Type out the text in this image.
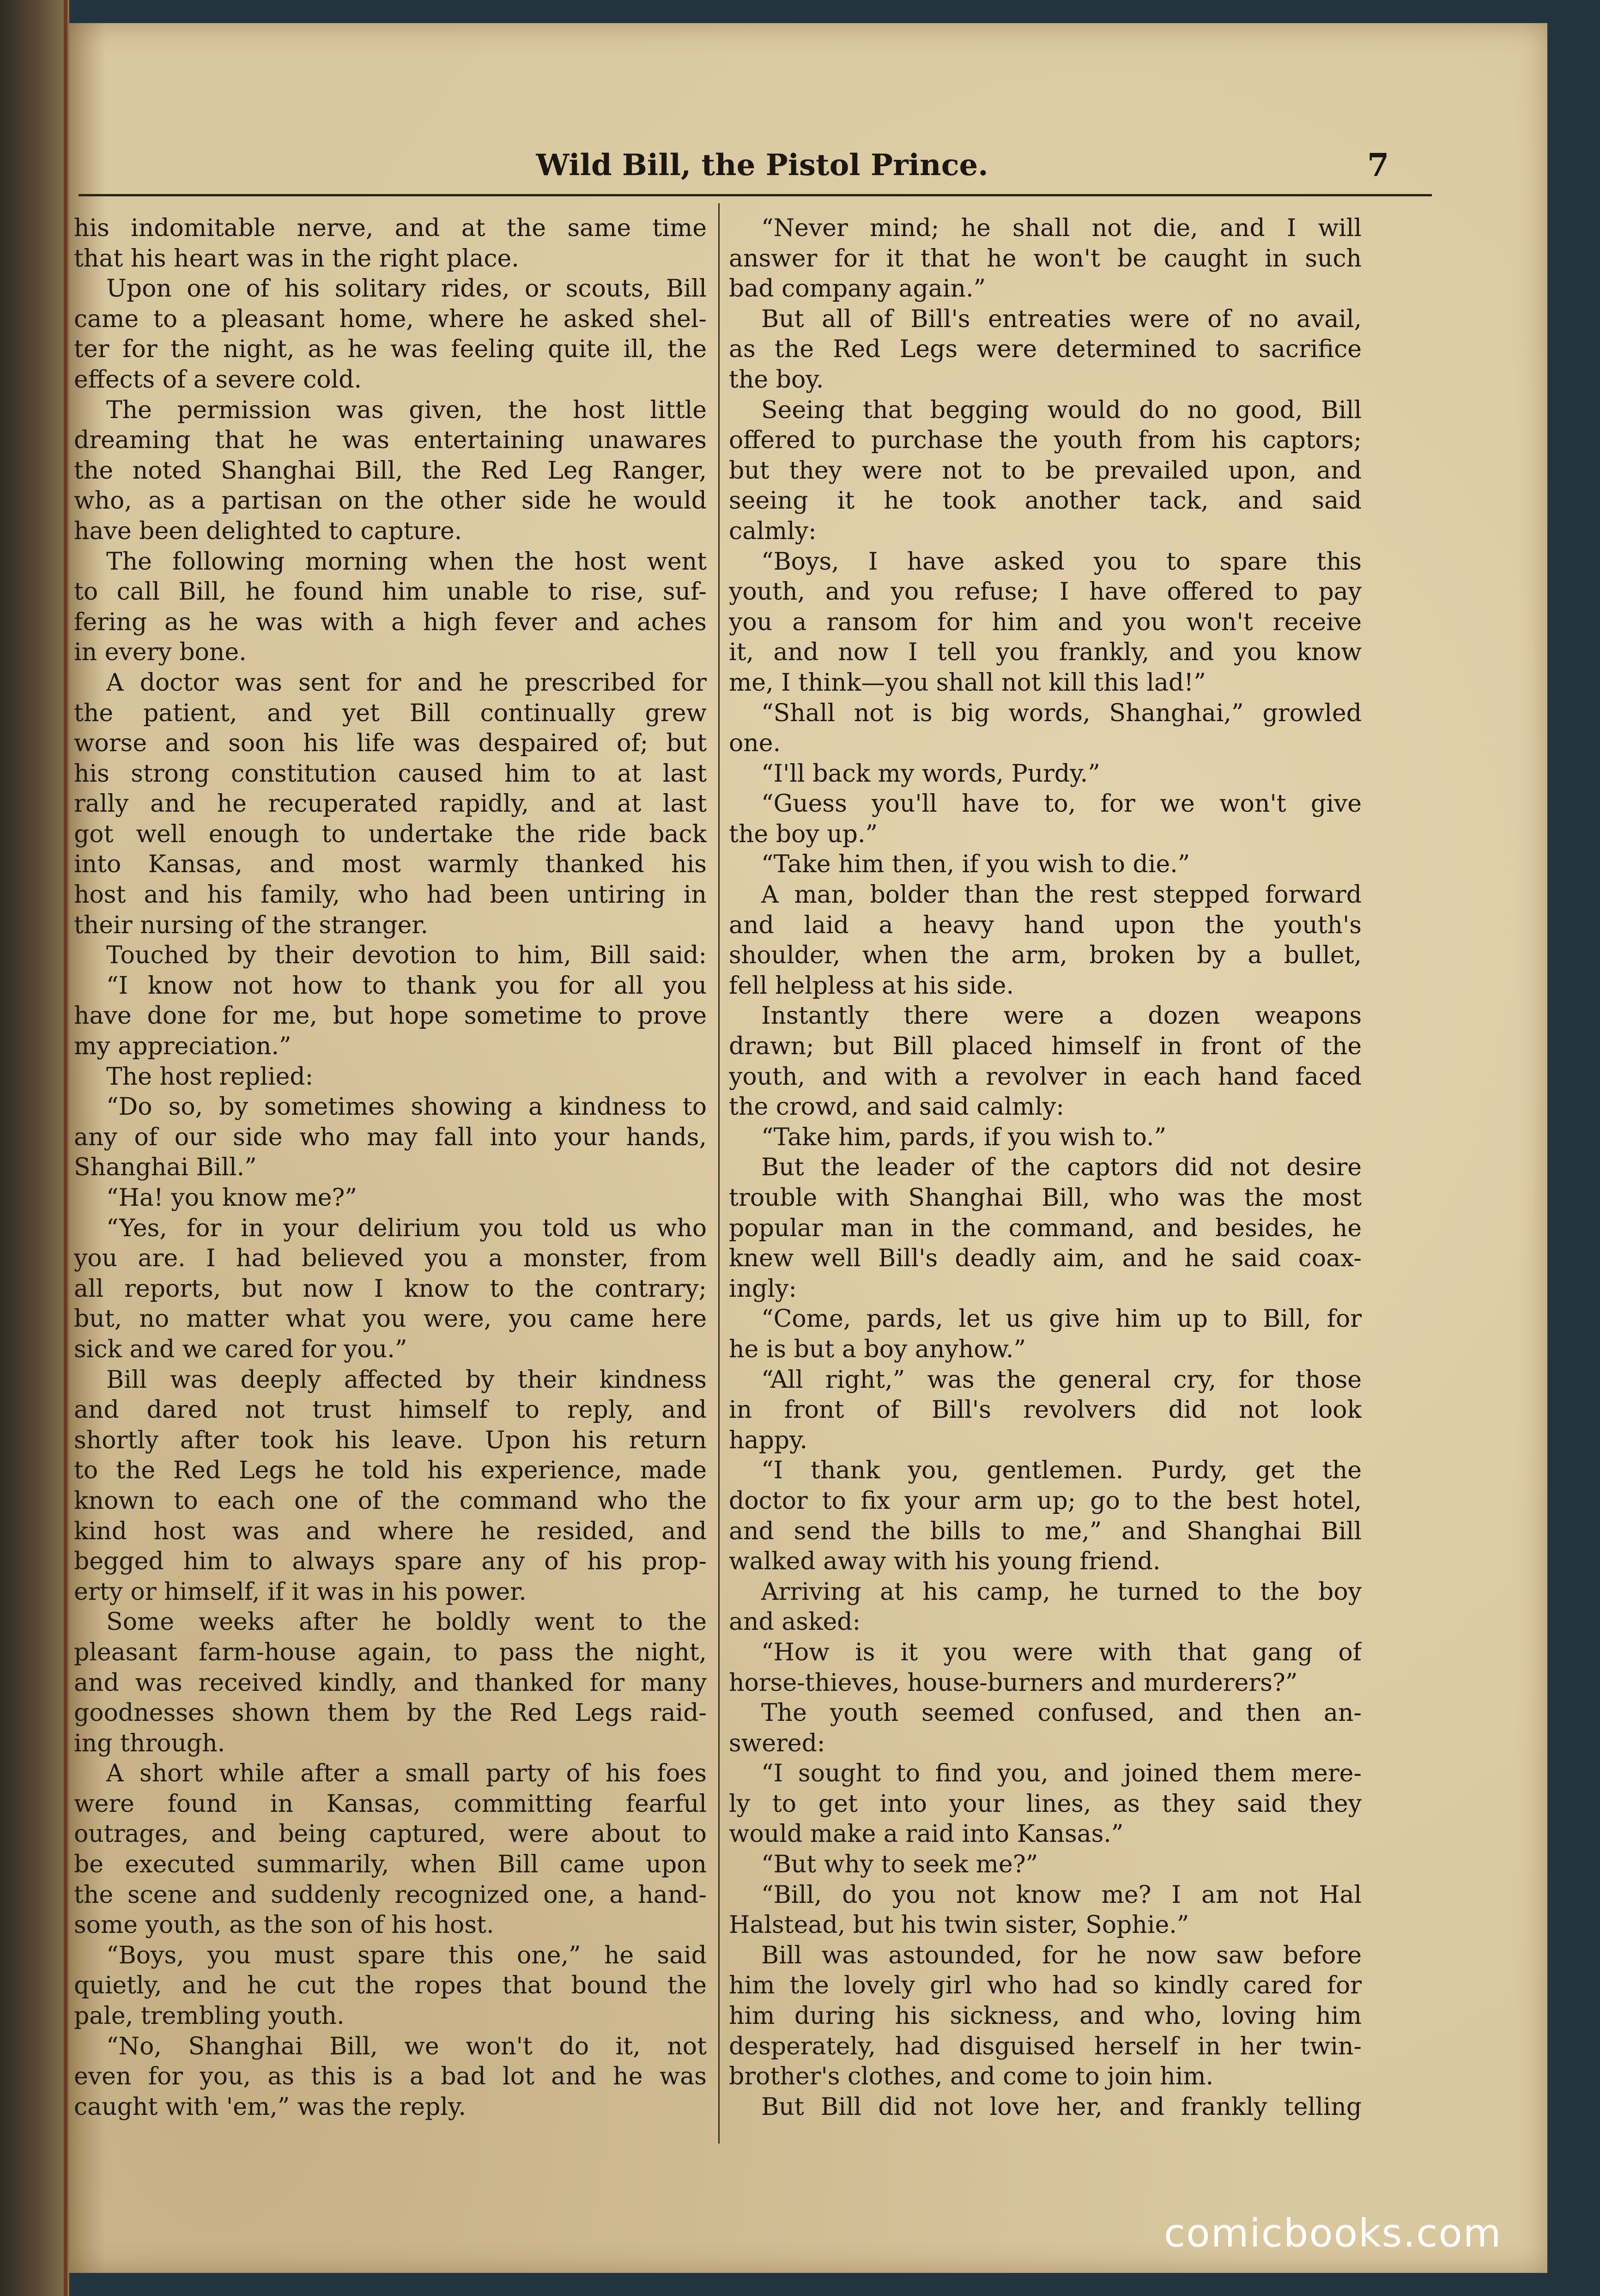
Wild Bill, the Pistol Prince.	7
his indomitable nerve, and at the same time
that his heart was in the right place.
Upon one of his solitary rides, or scouts, Bill
came to a pleasant home, where he asked shel-
ter for the night, as he was feeling quite ill, the
effects of a severe cold.
The permission was given, the host little
dreaming that he was entertaining unawares
the noted Shanghai Bill, the Red Leg Ranger,
who, as a partisan on the other side he would
have been delighted to capture.
The following morning when the host went
to call Bill, he found him unable to rise, suf-
fering as he was with a high fever and aches
in every bone.
A doctor was sent for and he prescribed for
the patient, and yet Bill continually grew
worse and soon his life was despaired of; but
his strong constitution caused him to at last
rally and he recuperated rapidly, and at last
got well enough to undertake the ride back
into Kansas, and most warmly thanked his
host and his family, who had been untiring in
their nursing of the stranger.
Touched by their devotion to him, Bill said:
“I know not how to thank you for all you
have done for me, but hope sometime to prove
my appreciation.”
The host replied:
“Do so, by sometimes showing a kindness to
any of our side who may fall into your hands,
Shanghai Bill.”
“Ha! you know me?”
“Yes, for in your delirium you told us who
you are. I had believed you a monster, from
all reports, but now I know to the contrary;
but, no matter what you were, you came here
sick and we cared for you.”
Bill was deeply affected by their kindness
and dared not trust himself to reply, and
shortly after took his leave. Upon his return
to the Red Legs he told his experience, made
known to each one of the command who the
kind host was and where he resided, and
begged him to always spare any of his prop-
erty or himself, if it was in his power.
Some weeks after he boldly went to the
pleasant farm-house again, to pass the night,
and was received kindly, and thanked for many
goodnesses shown them by the Red Legs raid-
ing through.
A short while after a small party of his foes
were found in Kansas, committing fearful
outrages, and being captured, were about to
be executed summarily, when Bill came upon
the scene and suddenly recognized one, a hand-
some youth, as the son of his host.
“Boys, you must spare this one,” he said
quietly, and he cut the ropes that bound the
pale, trembling youth.
“No, Shanghai Bill, we won't do it, not
even for you, as this is a bad lot and he was
caught with 'em,” was the reply.
“Never mind; he shall not die, and I will
answer for it that he won't be caught in such
bad company again.”
But all of Bill's entreaties were of no avail,
as the Red Legs were determined to sacrifice
the boy.
Seeing that begging would do no good, Bill
offered to purchase the youth from his captors;
but they were not to be prevailed upon, and
seeing it he took another tack, and said
calmly:
“Boys, I have asked you to spare this
youth, and you refuse; I have offered to pay
you a ransom for him and you won't receive
it, and now I tell you frankly, and you know
me, I think—you shall not kill this lad!”
“Shall not is big words, Shanghai,” growled
one.
“I'll back my words, Purdy.”
“Guess you'll have to, for we won't give
the boy up.”
“Take him then, if you wish to die.”
A man, bolder than the rest stepped forward
and laid a heavy hand upon the youth's
shoulder, when the arm, broken by a bullet,
fell helpless at his side.
Instantly there were a dozen weapons
drawn; but Bill placed himself in front of the
youth, and with a revolver in each hand faced
the crowd, and said calmly:
“Take him, pards, if you wish to.”
But the leader of the captors did not desire
trouble with Shanghai Bill, who was the most
popular man in the command, and besides, he
knew well Bill's deadly aim, and he said coax-
ingly:
“Come, pards, let us give him up to Bill, for
he is but a boy anyhow.”
“All right,” was the general cry, for those
in front of Bill's revolvers did not look
happy.
“I thank you, gentlemen. Purdy, get the
doctor to fix your arm up; go to the best hotel,
and send the bills to me,” and Shanghai Bill
walked away with his young friend.
Arriving at his camp, he turned to the boy
and asked:
“How is it you were with that gang of
horse-thieves, house-burners and murderers?”
The youth seemed confused, and then an-
swered:
“I sought to find you, and joined them mere-
ly to get into your lines, as they said they
would make a raid into Kansas.”
“But why to seek me?”
“Bill, do you not know me? I am not Hal
Halstead, but his twin sister, Sophie.”
Bill was astounded, for he now saw before
him the lovely girl who had so kindly cared for
him during his sickness, and who, loving him
desperately, had disguised herself in her twin-
brother's clothes, and come to join him.
But Bill did not love her, and frankly telling
comicbooks.com
